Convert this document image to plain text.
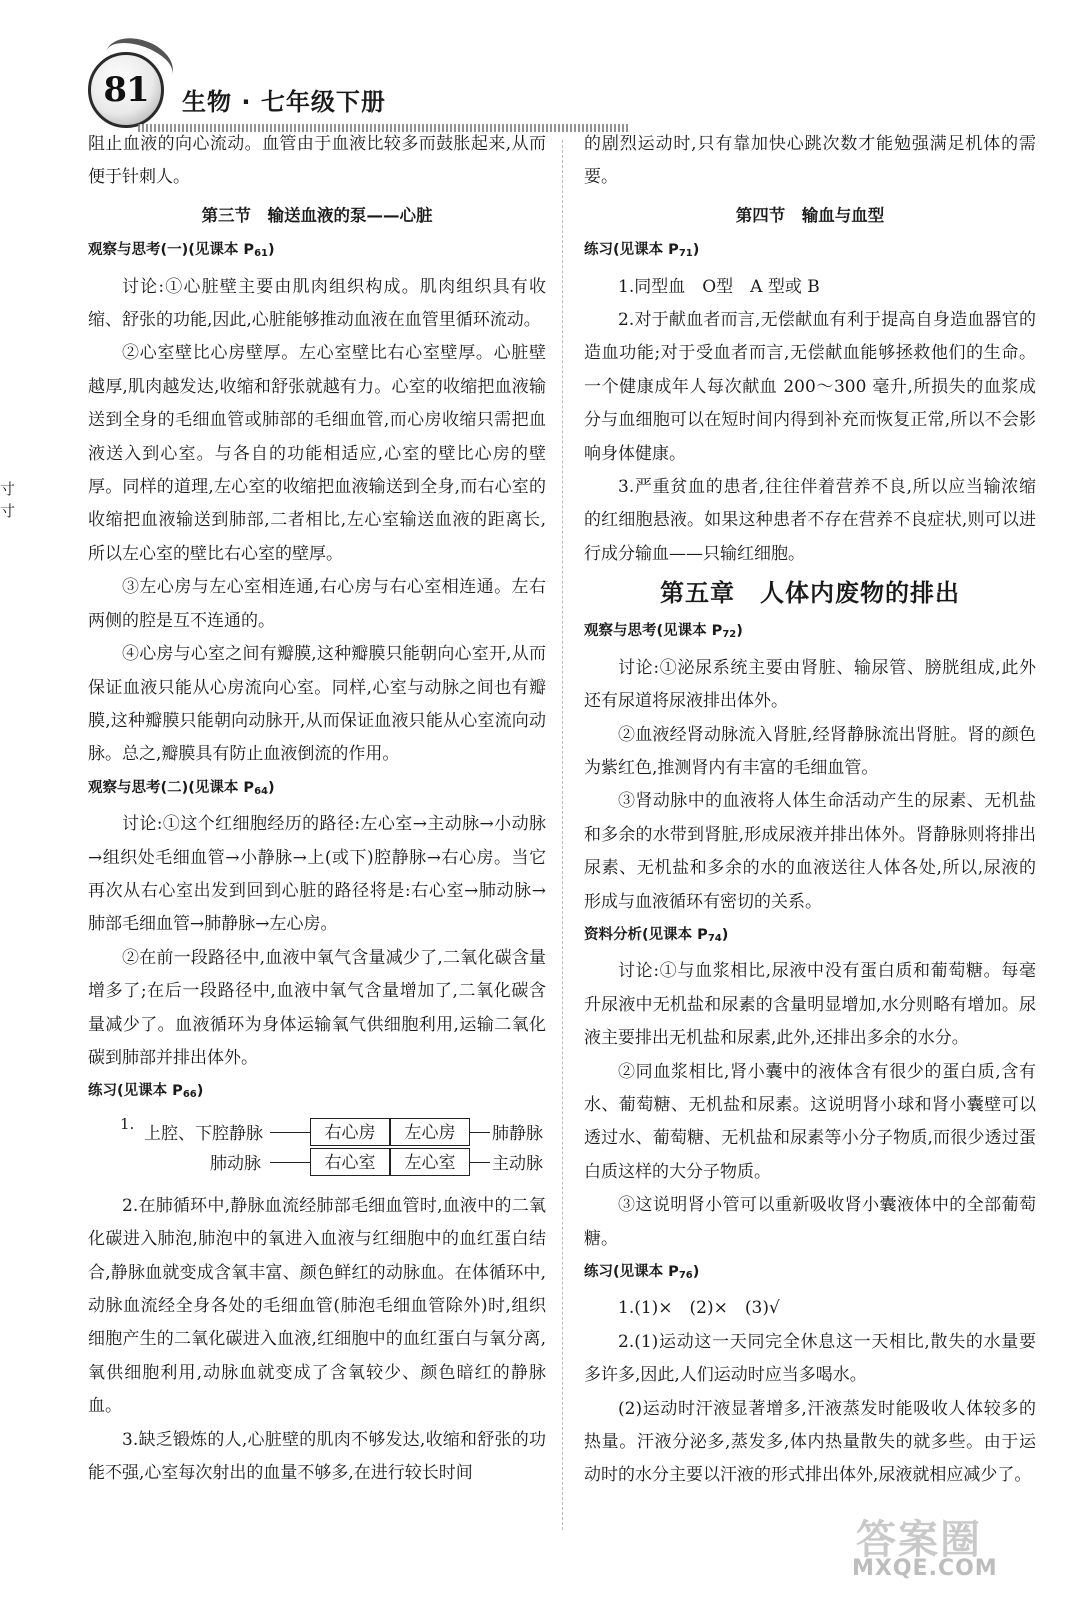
81 生物 · 七年级下册
寸
寸

阻止血液的向心流动。血管由于血液比较多而鼓胀起来,从而便于针刺人。

第三节　输送血液的泵——心脏
观察与思考(一)(见课本 $P_{61}$)

讨论:①心脏壁主要由肌肉组织构成。肌肉组织具有收缩、舒张的功能,因此,心脏能够推动血液在血管里循环流动。

②心室壁比心房壁厚。左心室壁比右心室壁厚。心脏壁越厚,肌肉越发达,收缩和舒张就越有力。心室的收缩把血液输送到全身的毛细血管或肺部的毛细血管,而心房收缩只需把血液送入到心室。与各自的功能相适应,心室的壁比心房的壁厚。同样的道理,左心室的收缩把血液输送到全身,而右心室的收缩把血液输送到肺部,二者相比,左心室输送血液的距离长,所以左心室的壁比右心室的壁厚。

③左心房与左心室相连通,右心房与右心室相连通。左右两侧的腔是互不连通的。

④心房与心室之间有瓣膜,这种瓣膜只能朝向心室开,从而保证血液只能从心房流向心室。同样,心室与动脉之间也有瓣膜,这种瓣膜只能朝向动脉开,从而保证血液只能从心室流向动脉。总之,瓣膜具有防止血液倒流的作用。

观察与思考(二)(见课本 $P_{64}$)

讨论:①这个红细胞经历的路径:左心室→主动脉→小动脉→组织处毛细血管→小静脉→上(或下)腔静脉→右心房。当它再次从右心室出发到回到心脏的路径将是:右心室→肺动脉→肺部毛细血管→肺静脉→左心房。

②在前一段路径中,血液中氧气含量减少了,二氧化碳含量增多了;在后一段路径中,血液中氧气含量增加了,二氧化碳含量减少了。血液循环为身体运输氧气供细胞利用,运输二氧化碳到肺部并排出体外。

练习(见课本 $P_{66}$)
1. 上腔、下腔静脉
肺动脉
右心房	左心房
右心室	左心室
肺静脉
主动脉

2.在肺循环中,静脉血流经肺部毛细血管时,血液中的二氧化碳进入肺泡,肺泡中的氧进入血液与红细胞中的血红蛋白结合,静脉血就变成含氧丰富、颜色鲜红的动脉血。在体循环中,动脉血流经全身各处的毛细血管(肺泡毛细血管除外)时,组织细胞产生的二氧化碳进入血液,红细胞中的血红蛋白与氧分离,氧供细胞利用,动脉血就变成了含氧较少、颜色暗红的静脉血。

3.缺乏锻炼的人,心脏壁的肌肉不够发达,收缩和舒张的功能不强,心室每次射出的血量不够多,在进行较长时间

的剧烈运动时,只有靠加快心跳次数才能勉强满足机体的需要。

第四节　输血与血型
练习(见课本 $P_{71}$)

1.同型血　O型　A 型或 B

2.对于献血者而言,无偿献血有利于提高自身造血器官的造血功能;对于受血者而言,无偿献血能够拯救他们的生命。一个健康成年人每次献血 200～300 毫升,所损失的血浆成分与血细胞可以在短时间内得到补充而恢复正常,所以不会影响身体健康。

3.严重贫血的患者,往往伴着营养不良,所以应当输浓缩的红细胞悬液。如果这种患者不存在营养不良症状,则可以进行成分输血——只输红细胞。

第五章　人体内废物的排出
观察与思考(见课本 $P_{72}$)

讨论:①泌尿系统主要由肾脏、输尿管、膀胱组成,此外还有尿道将尿液排出体外。

②血液经肾动脉流入肾脏,经肾静脉流出肾脏。肾的颜色为紫红色,推测肾内有丰富的毛细血管。

③肾动脉中的血液将人体生命活动产生的尿素、无机盐和多余的水带到肾脏,形成尿液并排出体外。肾静脉则将排出尿素、无机盐和多余的水的血液送往人体各处,所以,尿液的形成与血液循环有密切的关系。

资料分析(见课本 $P_{74}$)

讨论:①与血浆相比,尿液中没有蛋白质和葡萄糖。每毫升尿液中无机盐和尿素的含量明显增加,水分则略有增加。尿液主要排出无机盐和尿素,此外,还排出多余的水分。

②同血浆相比,肾小囊中的液体含有很少的蛋白质,含有水、葡萄糖、无机盐和尿素。这说明肾小球和肾小囊壁可以透过水、葡萄糖、无机盐和尿素等小分子物质,而很少透过蛋白质这样的大分子物质。

③这说明肾小管可以重新吸收肾小囊液体中的全部葡萄糖。

练习(见课本 $P_{76}$)

1.(1)×　(2)×　(3)√

2.(1)运动这一天同完全休息这一天相比,散失的水量要多许多,因此,人们运动时应当多喝水。

(2)运动时汗液显著增多,汗液蒸发时能吸收人体较多的热量。汗液分泌多,蒸发多,体内热量散失的就多些。由于运动时的水分主要以汗液的形式排出体外,尿液就相应减少了。

答案圈
MXQE.COM
